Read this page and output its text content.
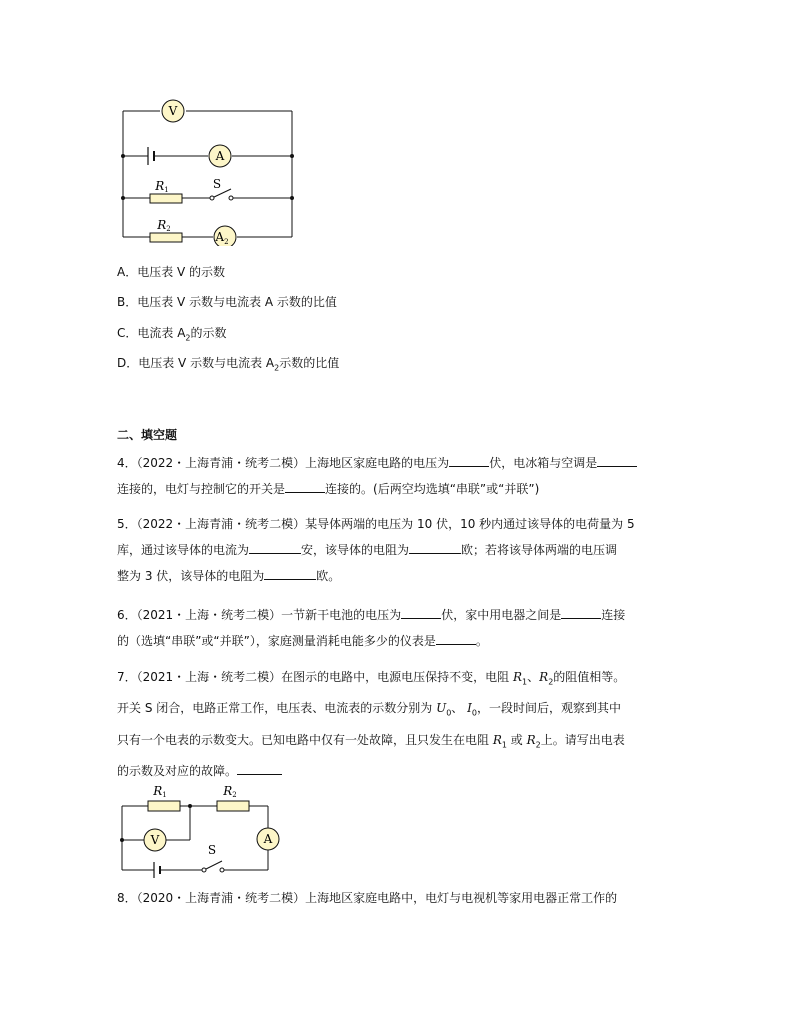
V
A
$A_2$
R1	S
R2
A．电压表 V 的示数
B．电压表 V 示数与电流表 A 示数的比值
C．电流表 $A_2$的示数
D．电压表 V 示数与电流表 $A_2$示数的比值
二、填空题

4．（2022・上海青浦・统考二模）上海地区家庭电路的电压为	伏，电冰箱与空调是

连接的，电灯与控制它的开关是	连接的。(后两空均选填“串联”或“并联”)

5．（2022・上海青浦・统考二模）某导体两端的电压为 10 伏，10 秒内通过该导体的电荷量为 5

库，通过该导体的电流为	安，该导体的电阻为	欧；若将该导体两端的电压调

整为 3 伏，该导体的电阻为	欧。

6．（2021・上海・统考二模）一节新干电池的电压为	伏，家中用电器之间是	连接

的（选填“串联”或“并联”），家庭测量消耗电能多少的仪表是	。

7．（2021・上海・统考二模）在图示的电路中，电源电压保持不变，电阻 $R_1$、$R_2$的阻值相等。

开关 S 闭合，电路正常工作，电压表、电流表的示数分别为 $U_0$、 $I_0$，一段时间后，观察到其中

只有一个电表的示数变大。已知电路中仅有一处故障，且只发生在电阻 $R_1$ 或 $R_2$上。请写出电表

的示数及对应的故障。

R1	R2
V	A
S

8．（2020・上海青浦・统考二模）上海地区家庭电路中，电灯与电视机等家用电器正常工作的
